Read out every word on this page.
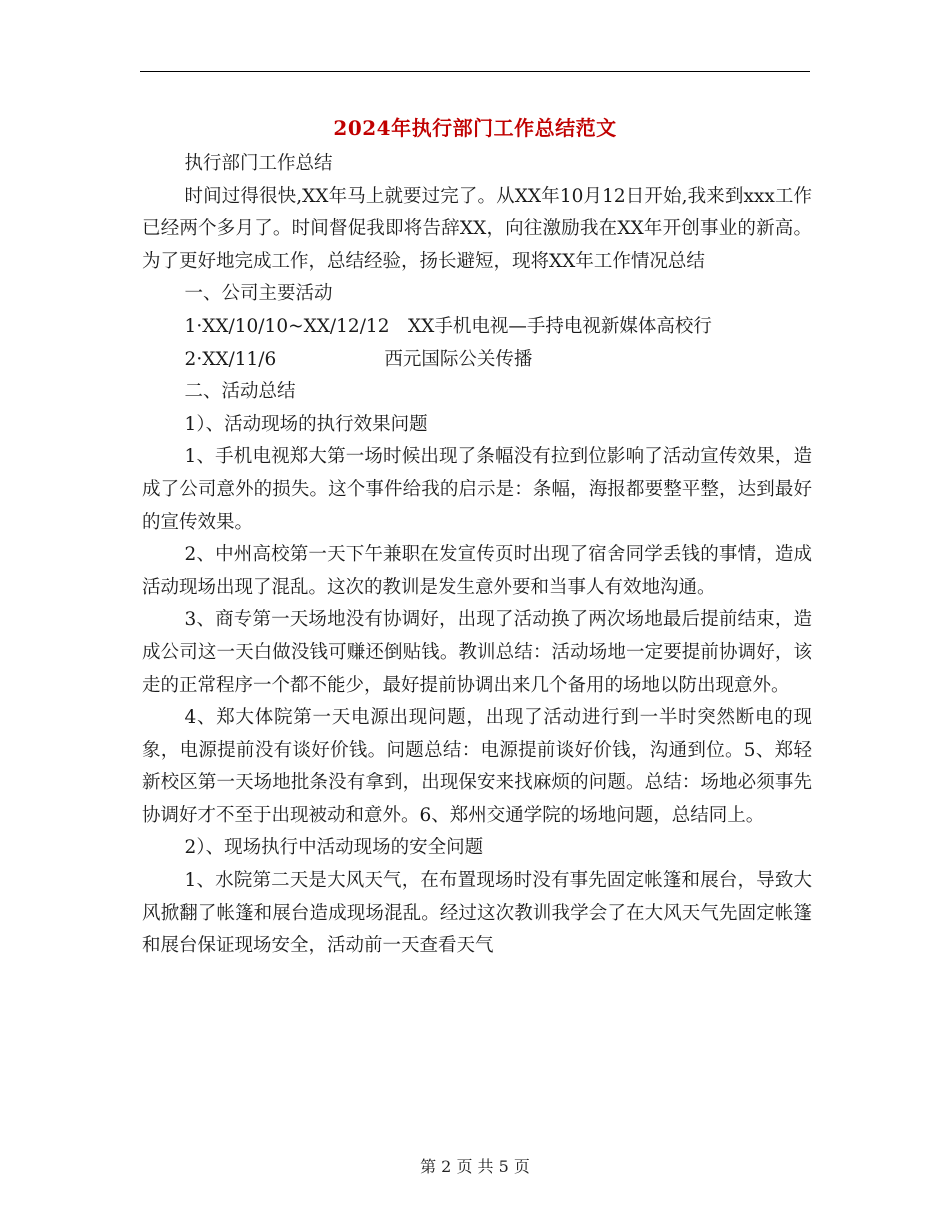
2024年执行部门工作总结范文

执行部门工作总结

时间过得很快,XX年马上就要过完了。从XX年10月12日开始,我来到xxx工作已经两个多月了。时间督促我即将告辞XX，向往激励我在XX年开创事业的新高。为了更好地完成工作，总结经验，扬长避短，现将XX年工作情况总结

一、公司主要活动

1·XX/10/10~XX/12/12　XX手机电视—手持电视新媒体高校行

2·XX/11/6	西元国际公关传播

二、活动总结

1）、活动现场的执行效果问题

1、手机电视郑大第一场时候出现了条幅没有拉到位影响了活动宣传效果，造成了公司意外的损失。这个事件给我的启示是：条幅，海报都要整平整，达到最好的宣传效果。

2、中州高校第一天下午兼职在发宣传页时出现了宿舍同学丢钱的事情，造成活动现场出现了混乱。这次的教训是发生意外要和当事人有效地沟通。

3、商专第一天场地没有协调好，出现了活动换了两次场地最后提前结束，造成公司这一天白做没钱可赚还倒贴钱。教训总结：活动场地一定要提前协调好，该走的正常程序一个都不能少，最好提前协调出来几个备用的场地以防出现意外。

4、郑大体院第一天电源出现问题，出现了活动进行到一半时突然断电的现象，电源提前没有谈好价钱。问题总结：电源提前谈好价钱，沟通到位。5、郑轻新校区第一天场地批条没有拿到，出现保安来找麻烦的问题。总结：场地必须事先协调好才不至于出现被动和意外。6、郑州交通学院的场地问题，总结同上。

2）、现场执行中活动现场的安全问题

1、水院第二天是大风天气，在布置现场时没有事先固定帐篷和展台，导致大风掀翻了帐篷和展台造成现场混乱。经过这次教训我学会了在大风天气先固定帐篷和展台保证现场安全，活动前一天查看天气

第 2 页 共 5 页
